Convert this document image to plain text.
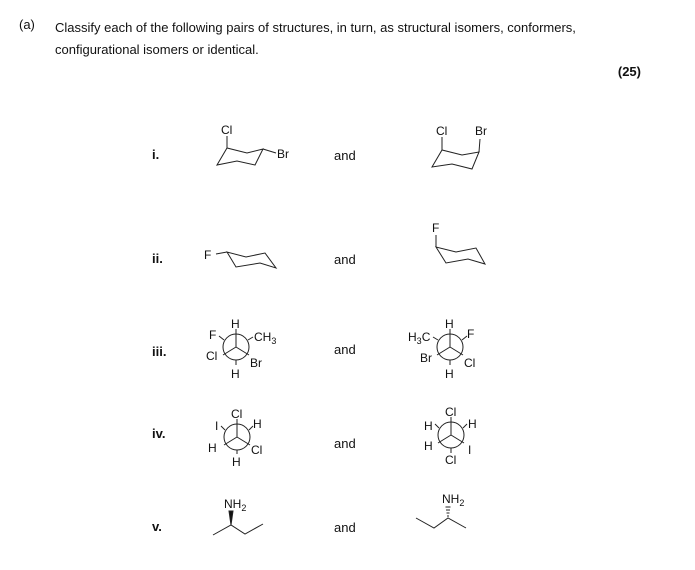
(a) Classify each of the following pairs of structures, in turn, as structural isomers, conformers,
configurational isomers or identical.
(25)
i.
ii.
iii.
iv.
v.
and
and
and
and
and
Cl
Br
Cl Br
F
F
H
F	$CH_3$
Cl	Br
H
H
$H_3C$	F
Br	Cl
H
Cl
I	H
H	Cl
H
Cl
H	H
H	I
Cl
$NH_2$
$NH_2$
